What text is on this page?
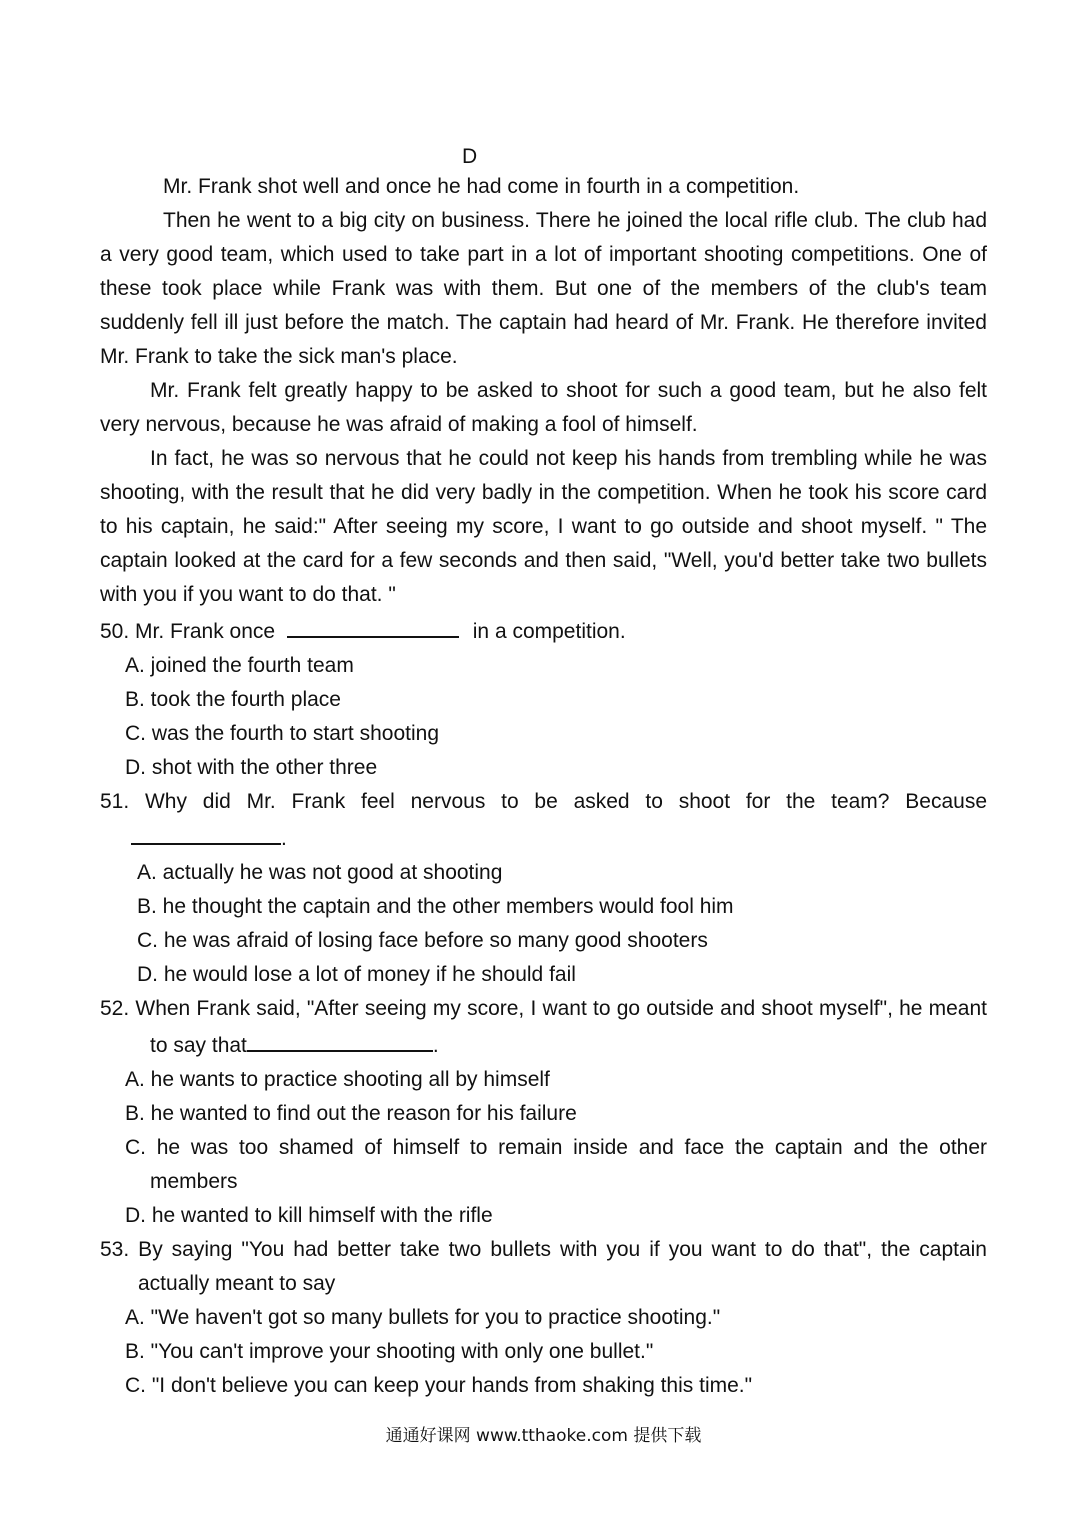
D

Mr. Frank shot well and once he had come in fourth in a competition.

Then he went to a big city on business. There he joined the local rifle club. The club had a very good team, which used to take part in a lot of important shooting competitions. One of these took place while Frank was with them. But one of the members of the club's team suddenly fell ill just before the match. The captain had heard of Mr. Frank. He therefore invited Mr. Frank to take the sick man's place.

Mr. Frank felt greatly happy to be asked to shoot for such a good team, but he also felt very nervous, because he was afraid of making a fool of himself.

In fact, he was so nervous that he could not keep his hands from trembling while he was shooting, with the result that he did very badly in the competition. When he took his score card to his captain, he said:" After seeing my score, I want to go outside and shoot myself. " The captain looked at the card for a few seconds and then said, "Well, you'd better take two bullets with you if you want to do that. "

50. Mr. Frank once	in a competition.

A. joined the fourth team

B. took the fourth place

C. was the fourth to start shooting

D. shot with the other three

51. Why did Mr. Frank feel nervous to be asked to shoot for the team? Because .

A. actually he was not good at shooting

B. he thought the captain and the other members would fool him

C. he was afraid of losing face before so many good shooters

D. he would lose a lot of money if he should fail

52. When Frank said, "After seeing my score, I want to go outside and shoot myself", he meant to say that	.

A. he wants to practice shooting all by himself

B. he wanted to find out the reason for his failure

C. he was too shamed of himself to remain inside and face the captain and the other members

D. he wanted to kill himself with the rifle

53. By saying "You had better take two bullets with you if you want to do that", the captain actually meant to say

A. "We haven't got so many bullets for you to practice shooting."

B. "You can't improve your shooting with only one bullet."

C. "I don't believe you can keep your hands from shaking this time."

通通好课网 www.tthaoke.com 提供下载
